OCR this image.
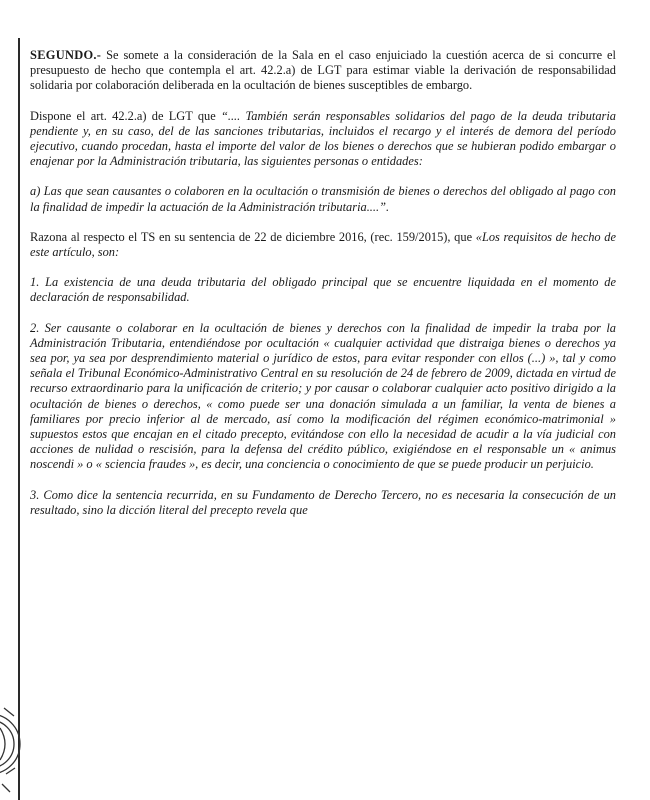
SEGUNDO.- Se somete a la consideración de la Sala en el caso enjuiciado la cuestión acerca de si concurre el presupuesto de hecho que contempla el art. 42.2.a) de LGT para estimar viable la derivación de responsabilidad solidaria por colaboración deliberada en la ocultación de bienes susceptibles de embargo.

Dispone el art. 42.2.a) de LGT que “.... También serán responsables solidarios del pago de la deuda tributaria pendiente y, en su caso, del de las sanciones tributarias, incluidos el recargo y el interés de demora del período ejecutivo, cuando procedan, hasta el importe del valor de los bienes o derechos que se hubieran podido embargar o enajenar por la Administración tributaria, las siguientes personas o entidades:

a) Las que sean causantes o colaboren en la ocultación o transmisión de bienes o derechos del obligado al pago con la finalidad de impedir la actuación de la Administración tributaria....”.

Razona al respecto el TS en su sentencia de 22 de diciembre 2016, (rec. 159/2015), que «Los requisitos de hecho de este artículo, son:

1. La existencia de una deuda tributaria del obligado principal que se encuentre liquidada en el momento de declaración de responsabilidad.

2. Ser causante o colaborar en la ocultación de bienes y derechos con la finalidad de impedir la traba por la Administración Tributaria, entendiéndose por ocultación « cualquier actividad que distraiga bienes o derechos ya sea por, ya sea por desprendimiento material o jurídico de estos, para evitar responder con ellos (...) », tal y como señala el Tribunal Económico-Administrativo Central en su resolución de 24 de febrero de 2009, dictada en virtud de recurso extraordinario para la unificación de criterio; y por causar o colaborar cualquier acto positivo dirigido a la ocultación de bienes o derechos, « como puede ser una donación simulada a un familiar, la venta de bienes a familiares por precio inferior al de mercado, así como la modificación del régimen económico-matrimonial » supuestos estos que encajan en el citado precepto, evitándose con ello la necesidad de acudir a la vía judicial con acciones de nulidad o rescisión, para la defensa del crédito público, exigiéndose en el responsable un « animus noscendi » o « sciencia fraudes », es decir, una conciencia o conocimiento de que se puede producir un perjuicio.

3. Como dice la sentencia recurrida, en su Fundamento de Derecho Tercero, no es necesaria la consecución de un resultado, sino la dicción literal del precepto revela que
